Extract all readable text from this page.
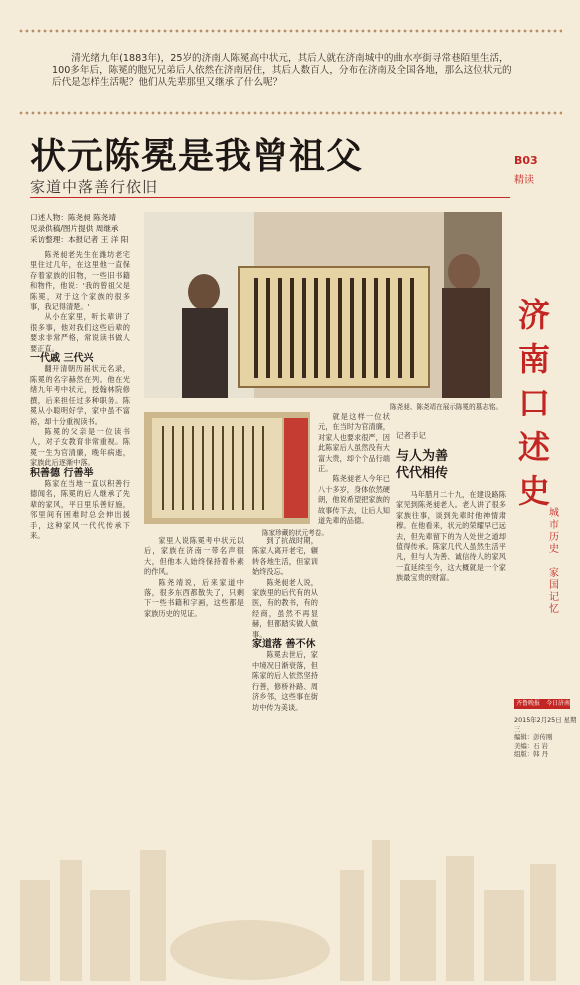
清光绪九年(1883年)，25岁的济南人陈冕高中状元，其后人就在济南城中的曲水亭街寻常巷陌里生活，100多年后，陈冕的胞兄兄弟后人依然在济南居住，其后人数百人，分布在济南及全国各地，那么这位状元的后代是怎样生活呢？他们从先辈那里又继承了什么呢？
状元陈冕是我曾祖父
家道中落善行依旧
B03
精读
口述人物：陈尧昶 陈尧靖
见录供稿/图片提供 周继承
采访整理：本报记者 王 洋 阳

陈尧昶老先生在潍坊老宅里住过几年，在这里他一直保存着家族的旧物，一些旧书籍和物件，他说：'我的曾祖父是陈冕，对于这个家族的很多事，我记得清楚。'

从小在家里，听长辈讲了很多事，他对我们这些后辈的要求非常严格，常说读书做人要正直。

一代戚 三代兴

翻开清朝历届状元名录，陈冕的名字赫然在列。他在光绪九年考中状元，授翰林院修撰，后来担任过多种职务。陈冕从小聪明好学，家中虽不富裕，却十分重视读书。

陈冕的父亲是一位读书人，对子女教育非常重视。陈冕一生为官清廉，晚年病逝，家族此后逐渐中落。

积善德 行善举

陈家在当地一直以积善行德闻名，陈冕的后人继承了先辈的家风，平日里乐善好施，邻里间有困难时总会伸出援手，这种家风一代代传承下来。

陈尧昶、陈尧靖在展示陈冕的墓志铭。
陈家珍藏的状元考卷。

家里人说陈冕考中状元以后，家族在济南一带名声很大，但他本人始终保持着朴素的作风。

陈尧靖说，后来家道中落，很多东西都散失了，只剩下一些书籍和字画，这些都是家族历史的见证。

到了抗战时期，陈家人离开老宅，辗转各地生活，但家训始终没忘。

陈尧昶老人说，家族里的后代有的从医，有的教书，有的经商，虽然不再显赫，但都踏实做人做事。

家道落 善不休

陈冕去世后，家中境况日渐衰落，但陈家的后人依然坚持行善，修桥补路、周济乡邻，这些事在街坊中传为美谈。

就是这样一位状元，在当时为官清廉，对家人也要求很严，因此陈家后人虽然没有大富大贵，却个个品行端正。

陈尧昶老人今年已八十多岁，身体依然硬朗，他说希望把家族的故事传下去，让后人知道先辈的品德。

记者手记
与人为善
代代相传

马年腊月二十九，在建设路陈家见到陈尧昶老人。老人讲了很多家族往事，谈到先辈时他神情肃穆。在他看来，状元的荣耀早已远去，但先辈留下的为人处世之道却值得传承。陈家几代人虽然生活平凡，但与人为善、诚信待人的家风一直延续至今，这大概就是一个家族最宝贵的财富。

济
南
口
述
史
城市历史
家国记忆
齐鲁晚报 今日济南
2015年2月25日 星期三
编辑：彭传刚
美编：石 岩
组版：韩 丹
